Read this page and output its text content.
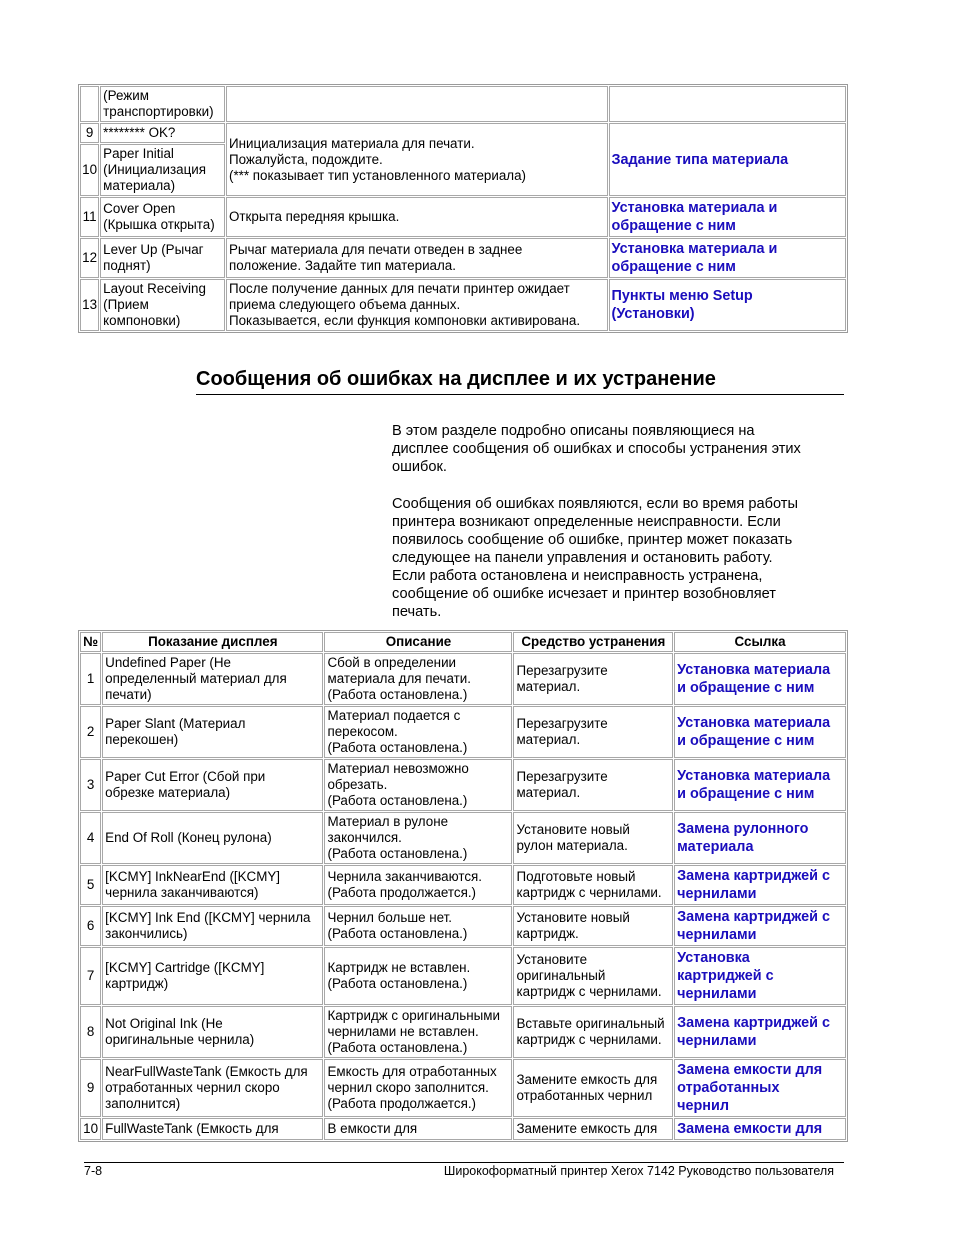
	(Режим
транспортировки)		

9	******** OK?	Инициализация материала для печати.
Пожалуйста, подождите.
(*** показывает тип установленного материала)	Задание типа материала
10	Paper Initial
(Инициализация
материала)		

11	Cover Open
(Крышка открыта)	Открыта передняя крышка.	Установка материала и
обращение с ним

12	Lever Up (Рычаг
поднят)	Рычаг материала для печати отведен в заднее
положение. Задайте тип материала.	Установка материала и
обращение с ним

13	Layout Receiving
(Прием
компоновки)	После получение данных для печати принтер ожидает
приема следующего объема данных.
Показывается, если функция компоновки активирована.	Пункты меню Setup
(Установки)
Сообщения об ошибках на дисплее и их устранение

В этом разделе подробно описаны появляющиеся на
дисплее сообщения об ошибках и способы устранения этих
ошибок.

Сообщения об ошибках появляются, если во время работы
принтера возникают определенные неисправности. Если
появилось сообщение об ошибке, принтер может показать
следующее на панели управления и остановить работу.
Если работа остановлена и неисправность устранена,
сообщение об ошибке исчезает и принтер возобновляет
печать.

№	Показание дисплея	Описание	Средство устранения	Ссылка
1	Undefined Paper (Не
определенный материал для
печати)	Сбой в определении
материала для печати.
(Работа остановлена.)	Перезагрузите
материал.	Установка материала
и обращение с ним

2	Paper Slant (Материал
перекошен)	Материал подается с
перекосом.
(Работа остановлена.)	Перезагрузите
материал.	Установка материала
и обращение с ним

3	Paper Cut Error (Сбой при
обрезке материала)	Материал невозможно
обрезать.
(Работа остановлена.)	Перезагрузите
материал.	Установка материала
и обращение с ним

4	End Of Roll (Конец рулона)	Материал в рулоне
закончился.
(Работа остановлена.)	Установите новый
рулон материала.	Замена рулонного
материала

5	[KCMY] InkNearEnd ([KCMY]
чернила заканчиваются)	Чернила заканчиваются.
(Работа продолжается.)	Подготовьте новый
картридж с чернилами.	Замена картриджей с
чернилами

6	[KCMY] Ink End ([KCMY] чернила
закончились)	Чернил больше нет.
(Работа остановлена.)	Установите новый
картридж.	Замена картриджей с
чернилами

7	[KCMY] Cartridge ([KCMY]
картридж)	Картридж не вставлен.
(Работа остановлена.)	Установите
оригинальный
картридж с чернилами.	Установка
картриджей с
чернилами

8	Not Original Ink (Не
оригинальные чернила)	Картридж с оригинальными
чернилами не вставлен.
(Работа остановлена.)	Вставьте оригинальный
картридж с чернилами.	Замена картриджей с
чернилами

9	NearFullWasteTank (Емкость для
отработанных чернил скоро
заполнится)	Емкость для отработанных
чернил скоро заполнится.
(Работа продолжается.)	Замените емкость для
отработанных чернил	Замена емкости для
отработанных
чернил

10	FullWasteTank (Емкость для	В емкости для	Замените емкость для	Замена емкости для
7-8	Широкоформатный принтер Xerox 7142 Руководство пользователя
